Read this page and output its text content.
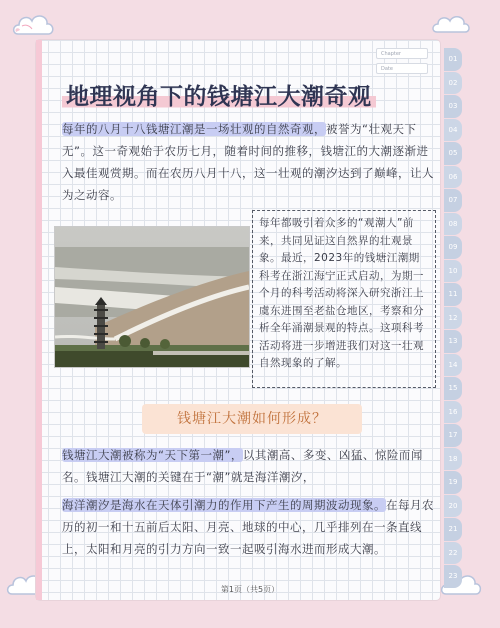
01
02
03
04
05
06
07
08
09
10
11
12
13
14
15
16
17
18
19
20
21
22
23
Chapter
Date
地理视角下的钱塘江大潮奇观

每年的八月十八钱塘江潮是一场壮观的自然奇观，被誉为“壮观天下无”。这一奇观始于农历七月，随着时间的推移，钱塘江的大潮逐渐进入最佳观赏期。而在农历八月十八，这一壮观的潮汐达到了巅峰，让人为之动容。

每年都吸引着众多的“观潮人”前来，共同见证这自然界的壮观景象。最近，2023年的钱塘江潮期科考在浙江海宁正式启动，为期一个月的科考活动将深入研究浙江上虞东进围至老盐仓地区，考察和分析全年涌潮景观的特点。这项科考活动将进一步增进我们对这一壮观自然现象的了解。

钱塘江大潮如何形成？

钱塘江大潮被称为“天下第一潮”，以其潮高、多变、凶猛、惊险而闻名。钱塘江大潮的关键在于“潮”就是海洋潮汐，

海洋潮汐是海水在天体引潮力的作用下产生的周期波动现象。在每月农历的初一和十五前后太阳、月亮、地球的中心，几乎排列在一条直线上，太阳和月亮的引力方向一致一起吸引海水进而形成大潮。

第1页（共5页）
